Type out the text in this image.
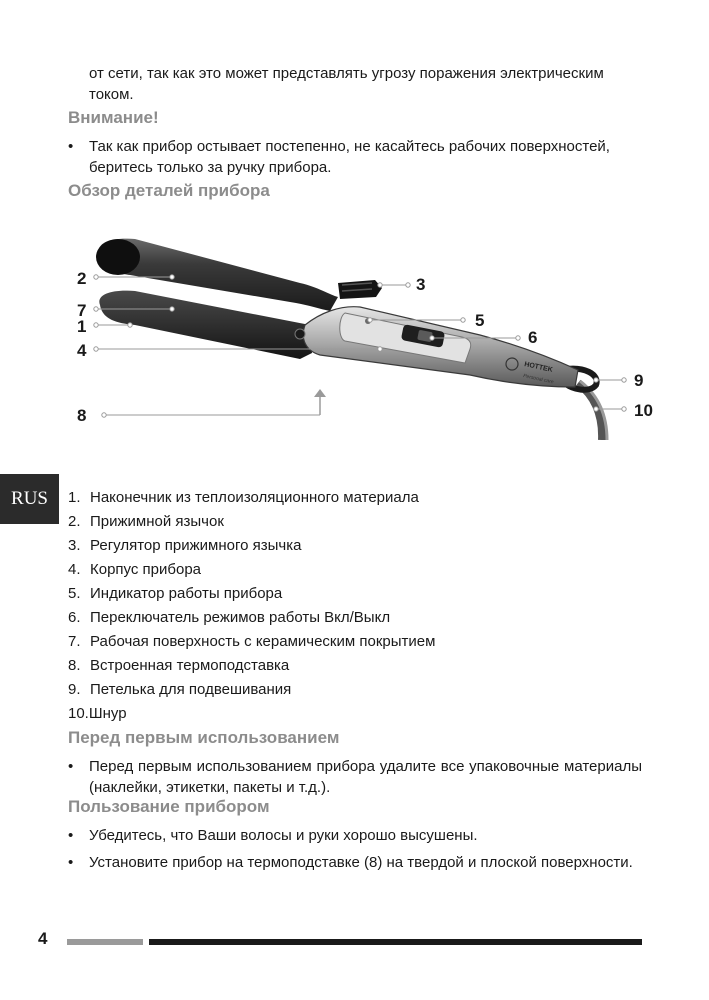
от сети, так как это может представлять угрозу поражения электрическим током.
Внимание!
• Так как прибор остывает постепенно, не касайтесь рабочих поверхностей, беритесь только за ручку прибора.
Обзор деталей прибора
HOTTEK
Personal care
1
2	3
4
5
6
7
8
9
10
RUS	1. Наконечник из теплоизоляционного материала
2. Прижимной язычок
3. Регулятор прижимного язычка
4. Корпус прибора
5. Индикатор работы прибора
6. Переключатель режимов работы Вкл/Выкл
7. Рабочая поверхность с керамическим покрытием
8. Встроенная термоподставка
9. Петелька для подвешивания
10.Шнур
Перед первым использованием
• Перед первым использованием прибора удалите все упаковочные материалы (наклейки, этикетки, пакеты и т.д.).
Пользование прибором
• Убедитесь, что Ваши волосы и руки хорошо высушены.
• Установите прибор на термоподставке (8) на твердой и плоской поверхности.
4
